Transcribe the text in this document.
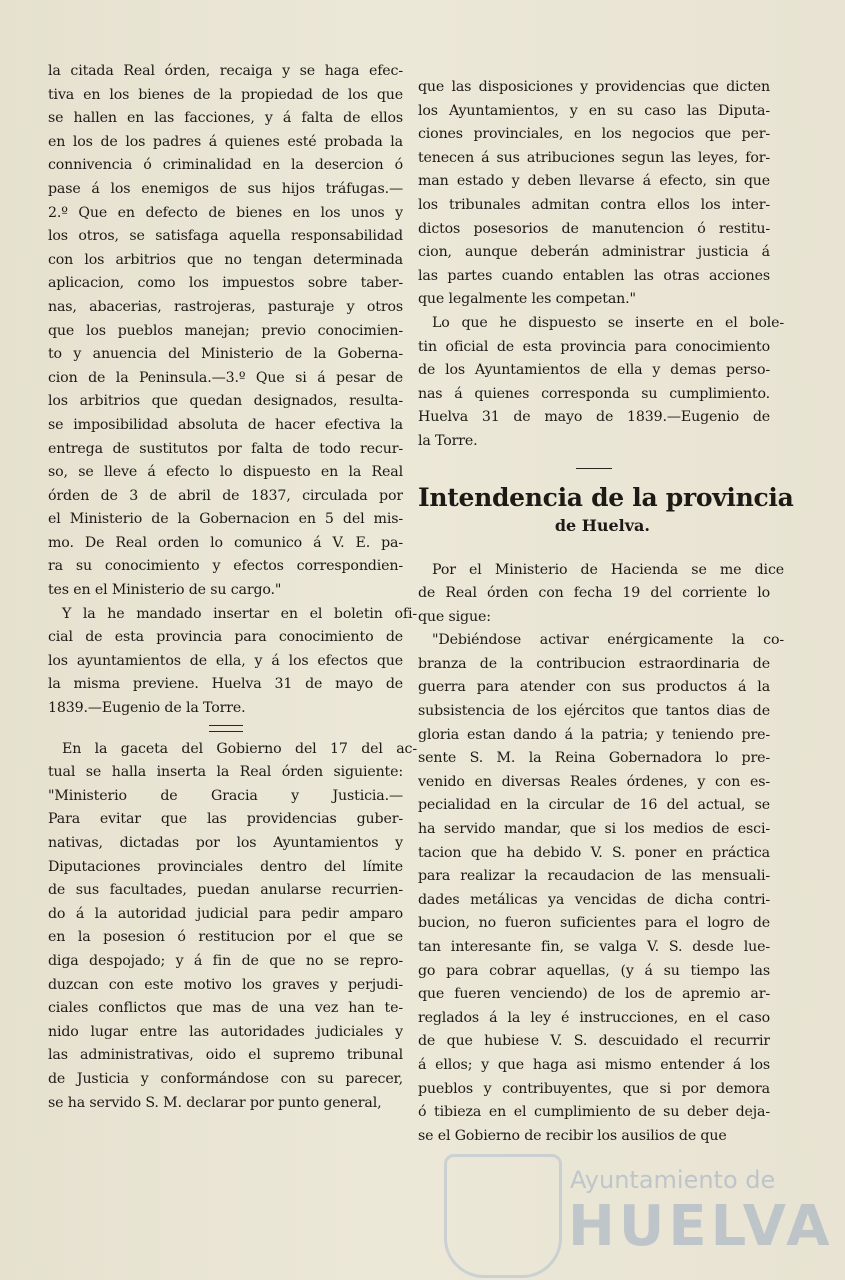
la citada Real órden, recaiga y se haga efec-

tiva en los bienes de la propiedad de los que

se hallen en las facciones, y á falta de ellos

en los de los padres á quienes esté probada la

connivencia ó criminalidad en la desercion ó

pase á los enemigos de sus hijos tráfugas.—

2.º Que en defecto de bienes en los unos y

los otros, se satisfaga aquella responsabilidad

con los arbitrios que no tengan determinada

aplicacion, como los impuestos sobre taber-

nas, abacerias, rastrojeras, pasturaje y otros

que los pueblos manejan; previo conocimien-

to y anuencia del Ministerio de la Goberna-

cion de la Peninsula.—3.º Que si á pesar de

los arbitrios que quedan designados, resulta-

se imposibilidad absoluta de hacer efectiva la

entrega de sustitutos por falta de todo recur-

so, se lleve á efecto lo dispuesto en la Real

órden de 3 de abril de 1837, circulada por

el Ministerio de la Gobernacion en 5 del mis-

mo. De Real orden lo comunico á V. E. pa-

ra su conocimiento y efectos correspondien-

tes en el Ministerio de su cargo."

Y la he mandado insertar en el boletin ofi-

cial de esta provincia para conocimiento de

los ayuntamientos de ella, y á los efectos que

la misma previene. Huelva 31 de mayo de

1839.—Eugenio de la Torre.

En la gaceta del Gobierno del 17 del ac-

tual se halla inserta la Real órden siguiente:

"Ministerio de Gracia y Justicia.—

Para evitar que las providencias guber-

nativas, dictadas por los Ayuntamientos y

Diputaciones provinciales dentro del límite

de sus facultades, puedan anularse recurrien-

do á la autoridad judicial para pedir amparo

en la posesion ó restitucion por el que se

diga despojado; y á fin de que no se repro-

duzcan con este motivo los graves y perjudi-

ciales conflictos que mas de una vez han te-

nido lugar entre las autoridades judiciales y

las administrativas, oido el supremo tribunal

de Justicia y conformándose con su parecer,

se ha servido S. M. declarar por punto general,

que las disposiciones y providencias que dicten

los Ayuntamientos, y en su caso las Diputa-

ciones provinciales, en los negocios que per-

tenecen á sus atribuciones segun las leyes, for-

man estado y deben llevarse á efecto, sin que

los tribunales admitan contra ellos los inter-

dictos posesorios de manutencion ó restitu-

cion, aunque deberán administrar justicia á

las partes cuando entablen las otras acciones

que legalmente les competan."

Lo que he dispuesto se inserte en el bole-

tin oficial de esta provincia para conocimiento

de los Ayuntamientos de ella y demas perso-

nas á quienes corresponda su cumplimiento.

Huelva 31 de mayo de 1839.—Eugenio de

la Torre.

Intendencia de la provincia
de Huelva.

Por el Ministerio de Hacienda se me dice

de Real órden con fecha 19 del corriente lo

que sigue:

"Debiéndose activar enérgicamente la co-

branza de la contribucion estraordinaria de

guerra para atender con sus productos á la

subsistencia de los ejércitos que tantos dias de

gloria estan dando á la patria; y teniendo pre-

sente S. M. la Reina Gobernadora lo pre-

venido en diversas Reales órdenes, y con es-

pecialidad en la circular de 16 del actual, se

ha servido mandar, que si los medios de esci-

tacion que ha debido V. S. poner en práctica

para realizar la recaudacion de las mensuali-

dades metálicas ya vencidas de dicha contri-

bucion, no fueron suficientes para el logro de

tan interesante fin, se valga V. S. desde lue-

go para cobrar aquellas, (y á su tiempo las

que fueren venciendo) de los de apremio ar-

reglados á la ley é instrucciones, en el caso

de que hubiese V. S. descuidado el recurrir

á ellos; y que haga asi mismo entender á los

pueblos y contribuyentes, que si por demora

ó tibieza en el cumplimiento de su deber deja-

se el Gobierno de recibir los ausilios de que

Ayuntamiento de
HUELVA
